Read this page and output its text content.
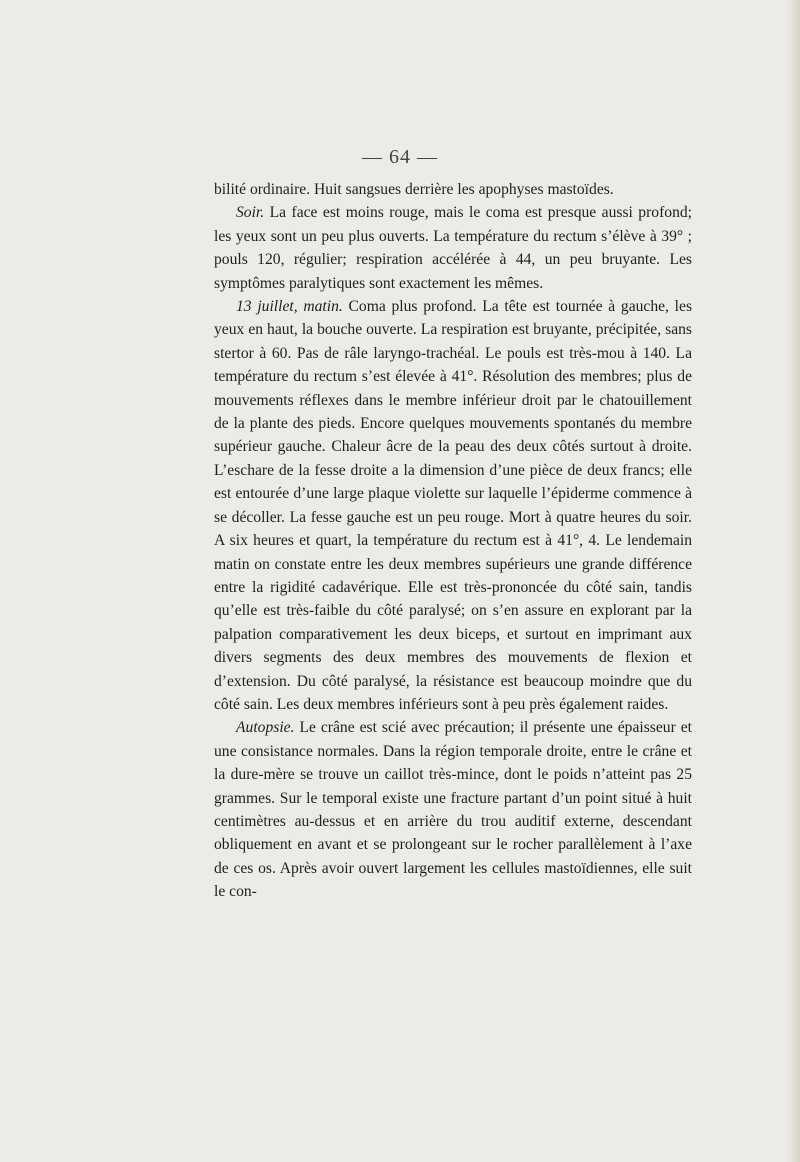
— 64 —

bilité ordinaire. Huit sangsues derrière les apophyses mastoïdes.

Soir. La face est moins rouge, mais le coma est presque aussi profond; les yeux sont un peu plus ouverts. La température du rectum s’élève à 39° ; pouls 120, régulier; respiration accélérée à 44, un peu bruyante. Les symptômes paralytiques sont exactement les mêmes.

13 juillet, matin. Coma plus profond. La tête est tournée à gauche, les yeux en haut, la bouche ouverte. La respiration est bruyante, précipitée, sans stertor à 60. Pas de râle laryngo-trachéal. Le pouls est très-mou à 140. La température du rectum s’est élevée à 41°. Résolution des membres; plus de mouvements réflexes dans le membre inférieur droit par le chatouillement de la plante des pieds. Encore quelques mouvements spontanés du membre supérieur gauche. Chaleur âcre de la peau des deux côtés surtout à droite. L’eschare de la fesse droite a la dimension d’une pièce de deux francs; elle est entourée d’une large plaque violette sur laquelle l’épiderme commence à se décoller. La fesse gauche est un peu rouge. Mort à quatre heures du soir. A six heures et quart, la température du rectum est à 41°, 4. Le lendemain matin on constate entre les deux membres supérieurs une grande différence entre la rigidité cadavérique. Elle est très-prononcée du côté sain, tandis qu’elle est très-faible du côté paralysé; on s’en assure en explorant par la palpation comparativement les deux biceps, et surtout en imprimant aux divers segments des deux membres des mouvements de flexion et d’extension. Du côté paralysé, la résistance est beaucoup moindre que du côté sain. Les deux membres inférieurs sont à peu près également raides.

Autopsie. Le crâne est scié avec précaution; il présente une épaisseur et une consistance normales. Dans la région temporale droite, entre le crâne et la dure-mère se trouve un caillot très-mince, dont le poids n’atteint pas 25 grammes. Sur le temporal existe une fracture partant d’un point situé à huit centimètres au-dessus et en arrière du trou auditif externe, descendant obliquement en avant et se prolongeant sur le rocher parallèlement à l’axe de ces os. Après avoir ouvert largement les cellules mastoïdiennes, elle suit le con-
